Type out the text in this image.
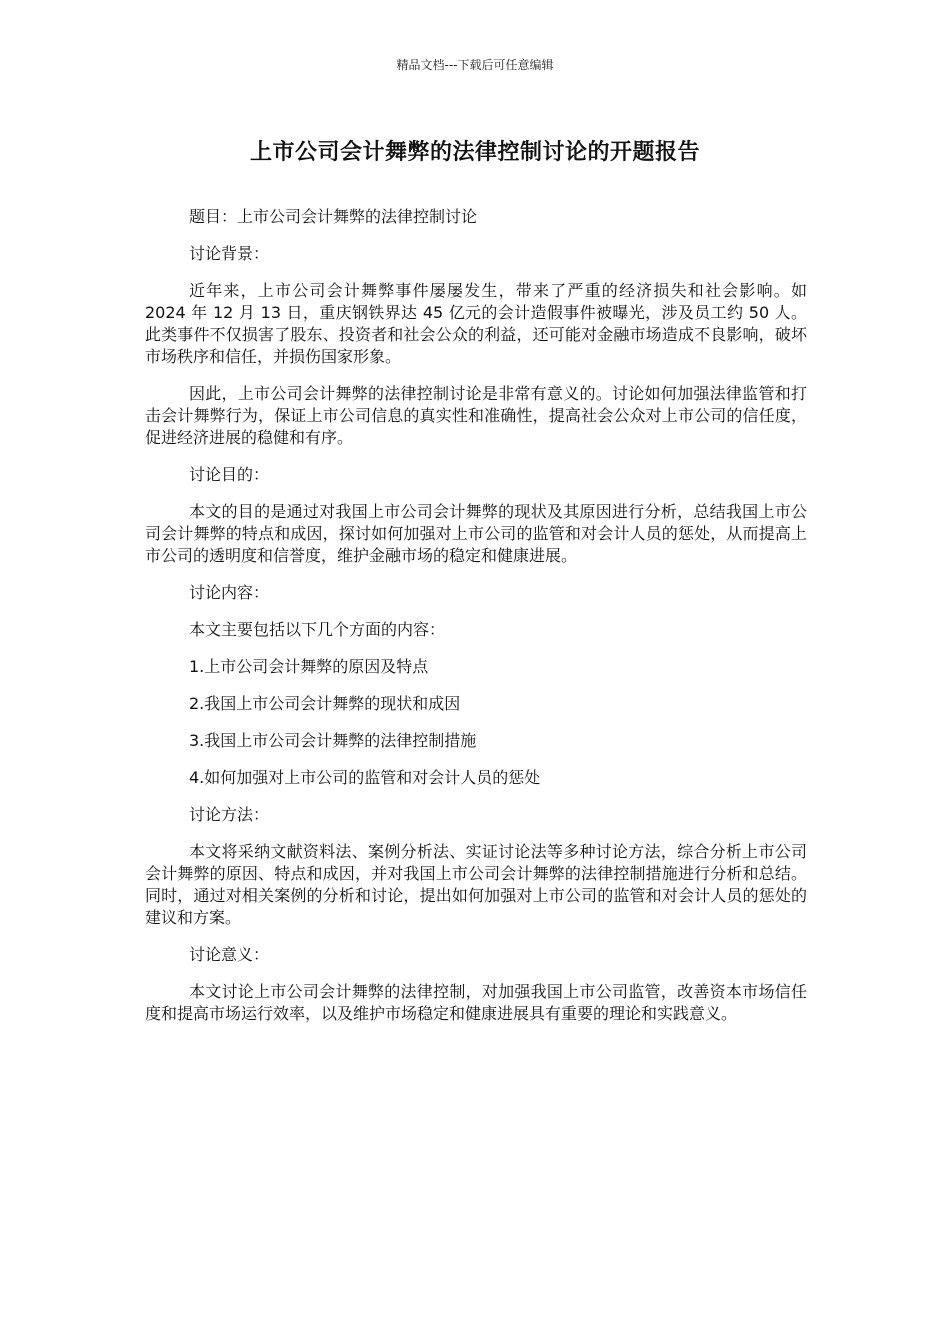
精品文档---下载后可任意编辑
上市公司会计舞弊的法律控制讨论的开题报告

题目：上市公司会计舞弊的法律控制讨论

讨论背景：

近年来，上市公司会计舞弊事件屡屡发生，带来了严重的经济损失和社会影响。如 2024 年 12 月 13 日，重庆钢铁界达 45 亿元的会计造假事件被曝光，涉及员工约 50 人。此类事件不仅损害了股东、投资者和社会公众的利益，还可能对金融市场造成不良影响，破坏市场秩序和信任，并损伤国家形象。

因此，上市公司会计舞弊的法律控制讨论是非常有意义的。讨论如何加强法律监管和打击会计舞弊行为，保证上市公司信息的真实性和准确性，提高社会公众对上市公司的信任度，促进经济进展的稳健和有序。

讨论目的：

本文的目的是通过对我国上市公司会计舞弊的现状及其原因进行分析，总结我国上市公司会计舞弊的特点和成因，探讨如何加强对上市公司的监管和对会计人员的惩处，从而提高上市公司的透明度和信誉度，维护金融市场的稳定和健康进展。

讨论内容：

本文主要包括以下几个方面的内容：

1.上市公司会计舞弊的原因及特点

2.我国上市公司会计舞弊的现状和成因

3.我国上市公司会计舞弊的法律控制措施

4.如何加强对上市公司的监管和对会计人员的惩处

讨论方法：

本文将采纳文献资料法、案例分析法、实证讨论法等多种讨论方法，综合分析上市公司会计舞弊的原因、特点和成因，并对我国上市公司会计舞弊的法律控制措施进行分析和总结。同时，通过对相关案例的分析和讨论，提出如何加强对上市公司的监管和对会计人员的惩处的建议和方案。

讨论意义：

本文讨论上市公司会计舞弊的法律控制，对加强我国上市公司监管，改善资本市场信任度和提高市场运行效率，以及维护市场稳定和健康进展具有重要的理论和实践意义。
